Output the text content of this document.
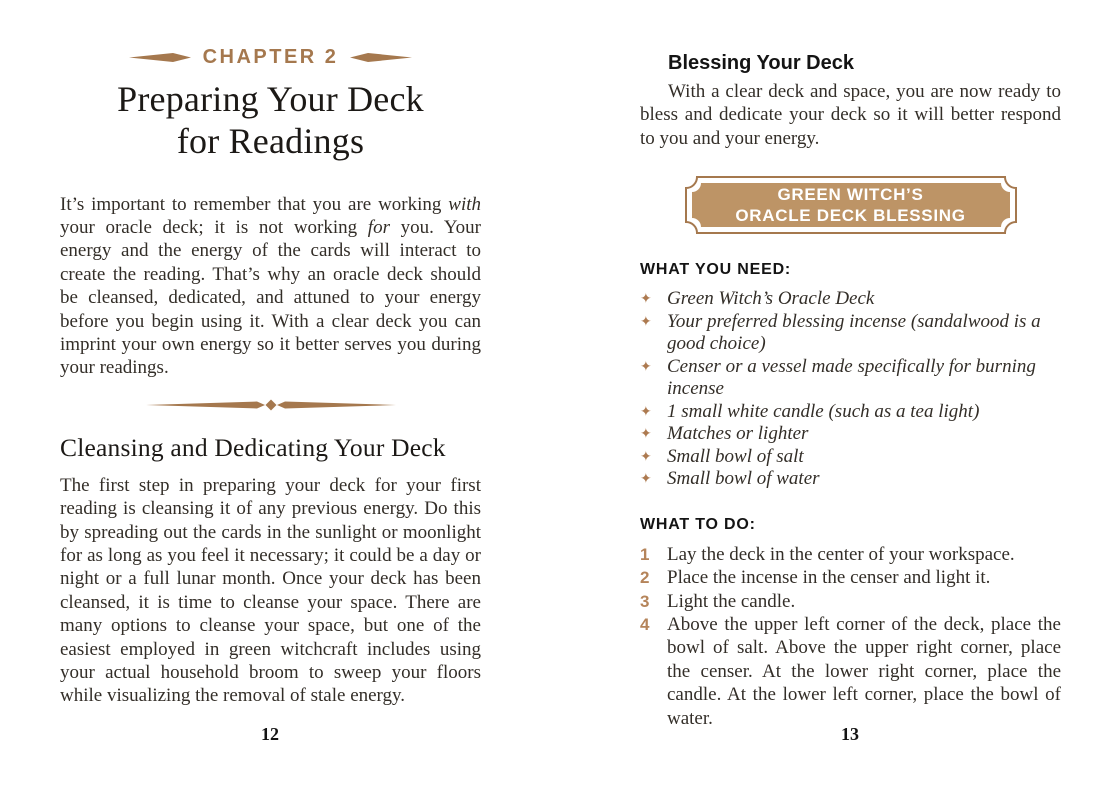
CHAPTER 2
Preparing Your Deck
for Readings

It’s important to remember that you are working with your oracle deck; it is not working for you. Your energy and the energy of the cards will interact to create the reading. That’s why an oracle deck should be cleansed, dedicated, and attuned to your energy before you begin using it. With a clear deck you can imprint your own energy so it better serves you during your readings.

Cleansing and Dedicating Your Deck

The first step in preparing your deck for your first reading is cleansing it of any previous energy. Do this by spreading out the cards in the sunlight or moonlight for as long as you feel it necessary; it could be a day or night or a full lunar month. Once your deck has been cleansed, it is time to cleanse your space. There are many options to cleanse your space, but one of the easiest employed in green witchcraft includes using your actual household broom to sweep your floors while visualizing the removal of stale energy.

Blessing Your Deck

With a clear deck and space, you are now ready to bless and dedicate your deck so it will better respond to you and your energy.

GREEN WITCH’S
ORACLE DECK BLESSING
WHAT YOU NEED:
✦ Green Witch’s Oracle Deck
✦ Your preferred blessing incense (sandalwood is a good choice)
✦ Censer or a vessel made specifically for burning incense
✦ 1 small white candle (such as a tea light)
✦ Matches or lighter
✦ Small bowl of salt
✦ Small bowl of water
WHAT TO DO:
1 Lay the deck in the center of your workspace.
2 Place the incense in the censer and light it.
3 Light the candle.
4 Above the upper left corner of the deck, place the bowl of salt. Above the upper right corner, place the censer. At the lower right corner, place the candle. At the lower left corner, place the bowl of water.
12	13
